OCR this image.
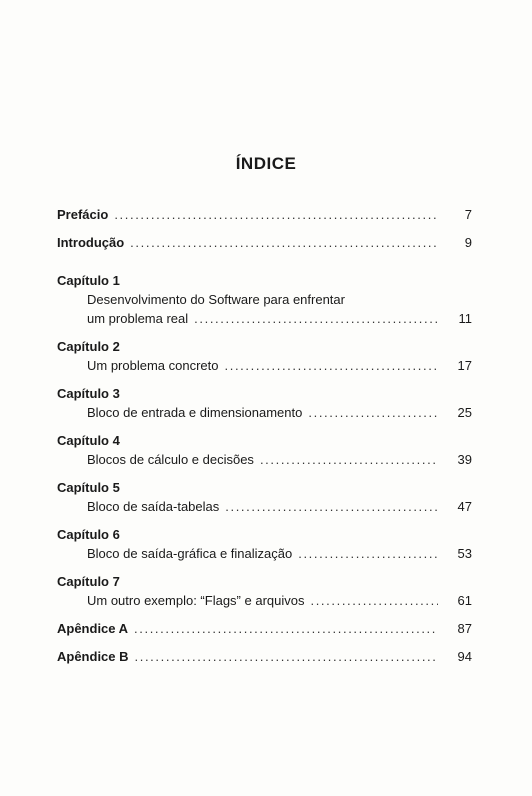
ÍNDICE
Prefácio . . .	7
Introdução . . .	9
Capítulo 1
Desenvolvimento do Software para enfrentar
um problema real . . .	11
Capítulo 2
Um problema concreto . . .	17
Capítulo 3
Bloco de entrada e dimensionamento . . .	25
Capítulo 4
Blocos de cálculo e decisões . . .	39
Capítulo 5
Bloco de saída-tabelas . . .	47
Capítulo 6
Bloco de saída-gráfica e finalização . . .	53
Capítulo 7
Um outro exemplo: “Flags” e arquivos . . .	61
Apêndice A . . .	87
Apêndice B . . .	94
